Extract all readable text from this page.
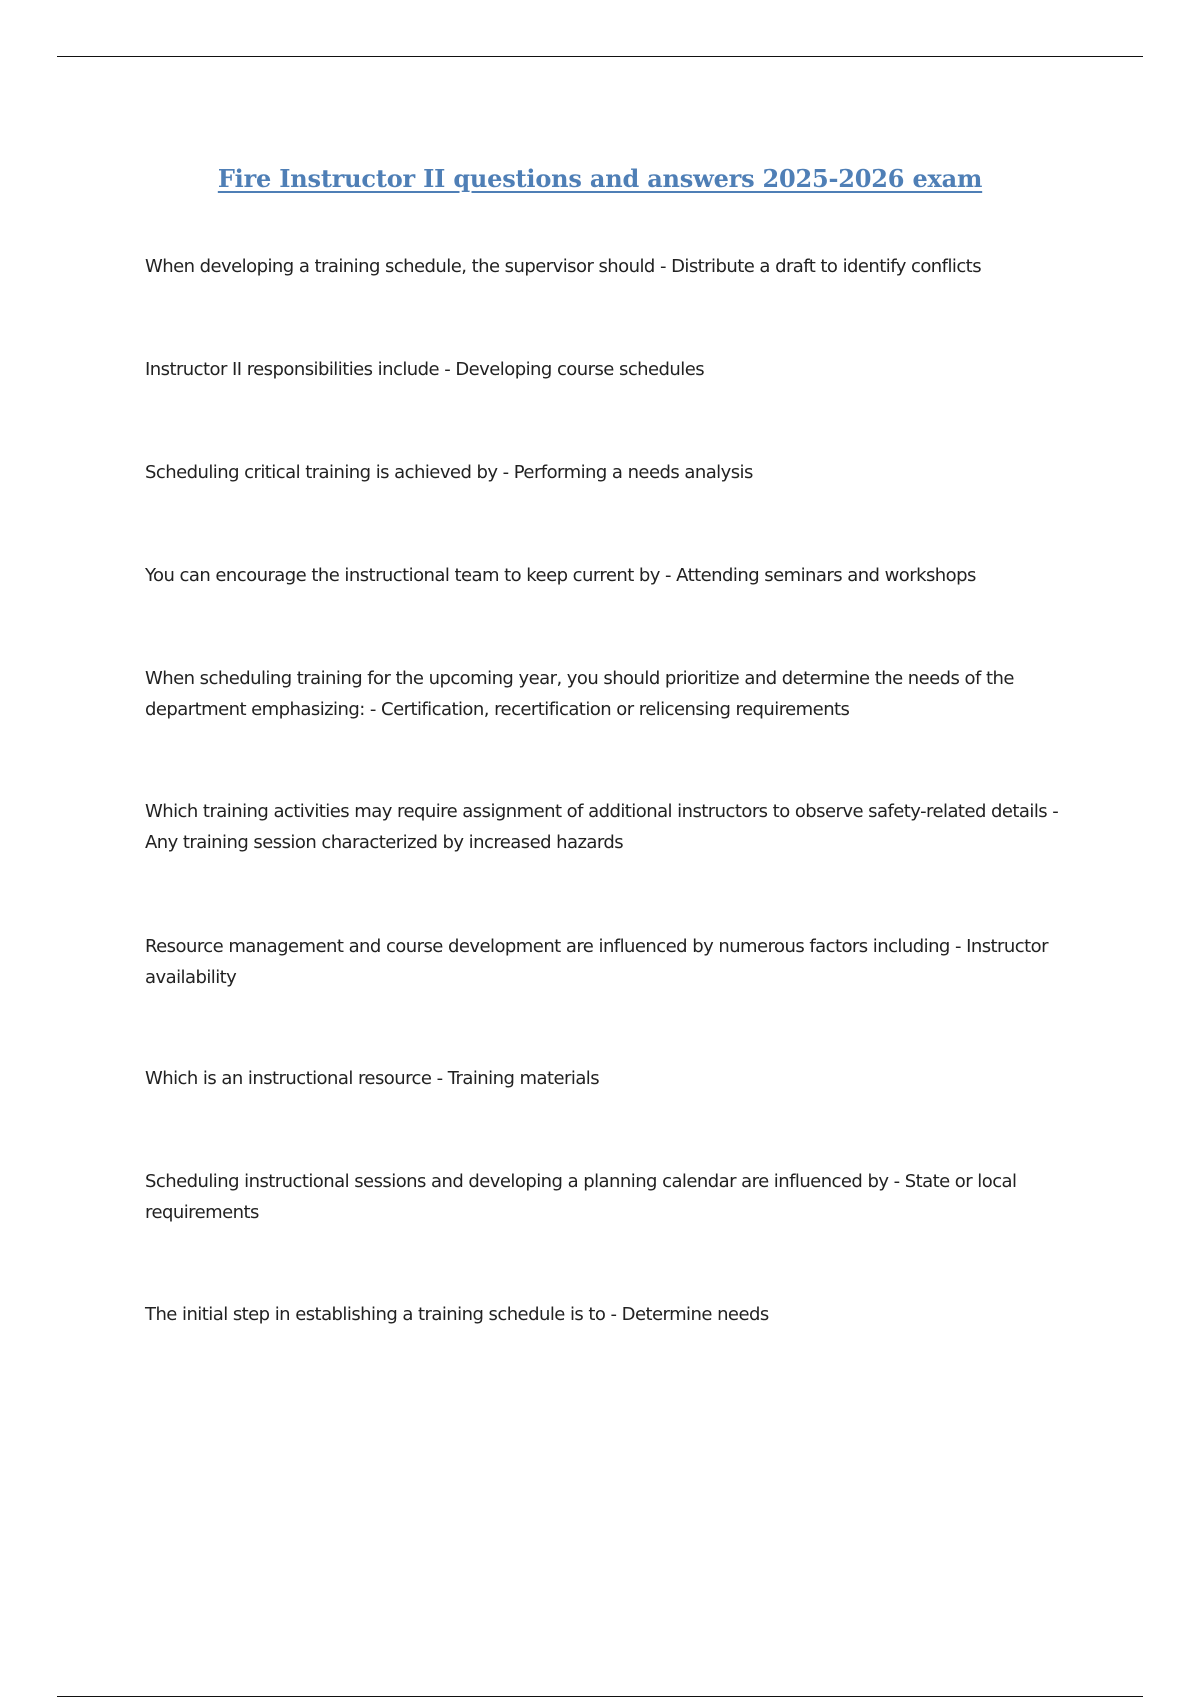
Fire Instructor II questions and answers 2025-2026 exam
When developing a training schedule, the supervisor should - Distribute a draft to identify conflicts
Instructor II responsibilities include - Developing course schedules
Scheduling critical training is achieved by - Performing a needs analysis
You can encourage the instructional team to keep current by - Attending seminars and workshops
When scheduling training for the upcoming year, you should prioritize and determine the needs of the department emphasizing: - Certification, recertification or relicensing requirements
Which training activities may require assignment of additional instructors to observe safety-related details - Any training session characterized by increased hazards
Resource management and course development are influenced by numerous factors including - Instructor availability
Which is an instructional resource - Training materials
Scheduling instructional sessions and developing a planning calendar are influenced by - State or local requirements
The initial step in establishing a training schedule is to - Determine needs
